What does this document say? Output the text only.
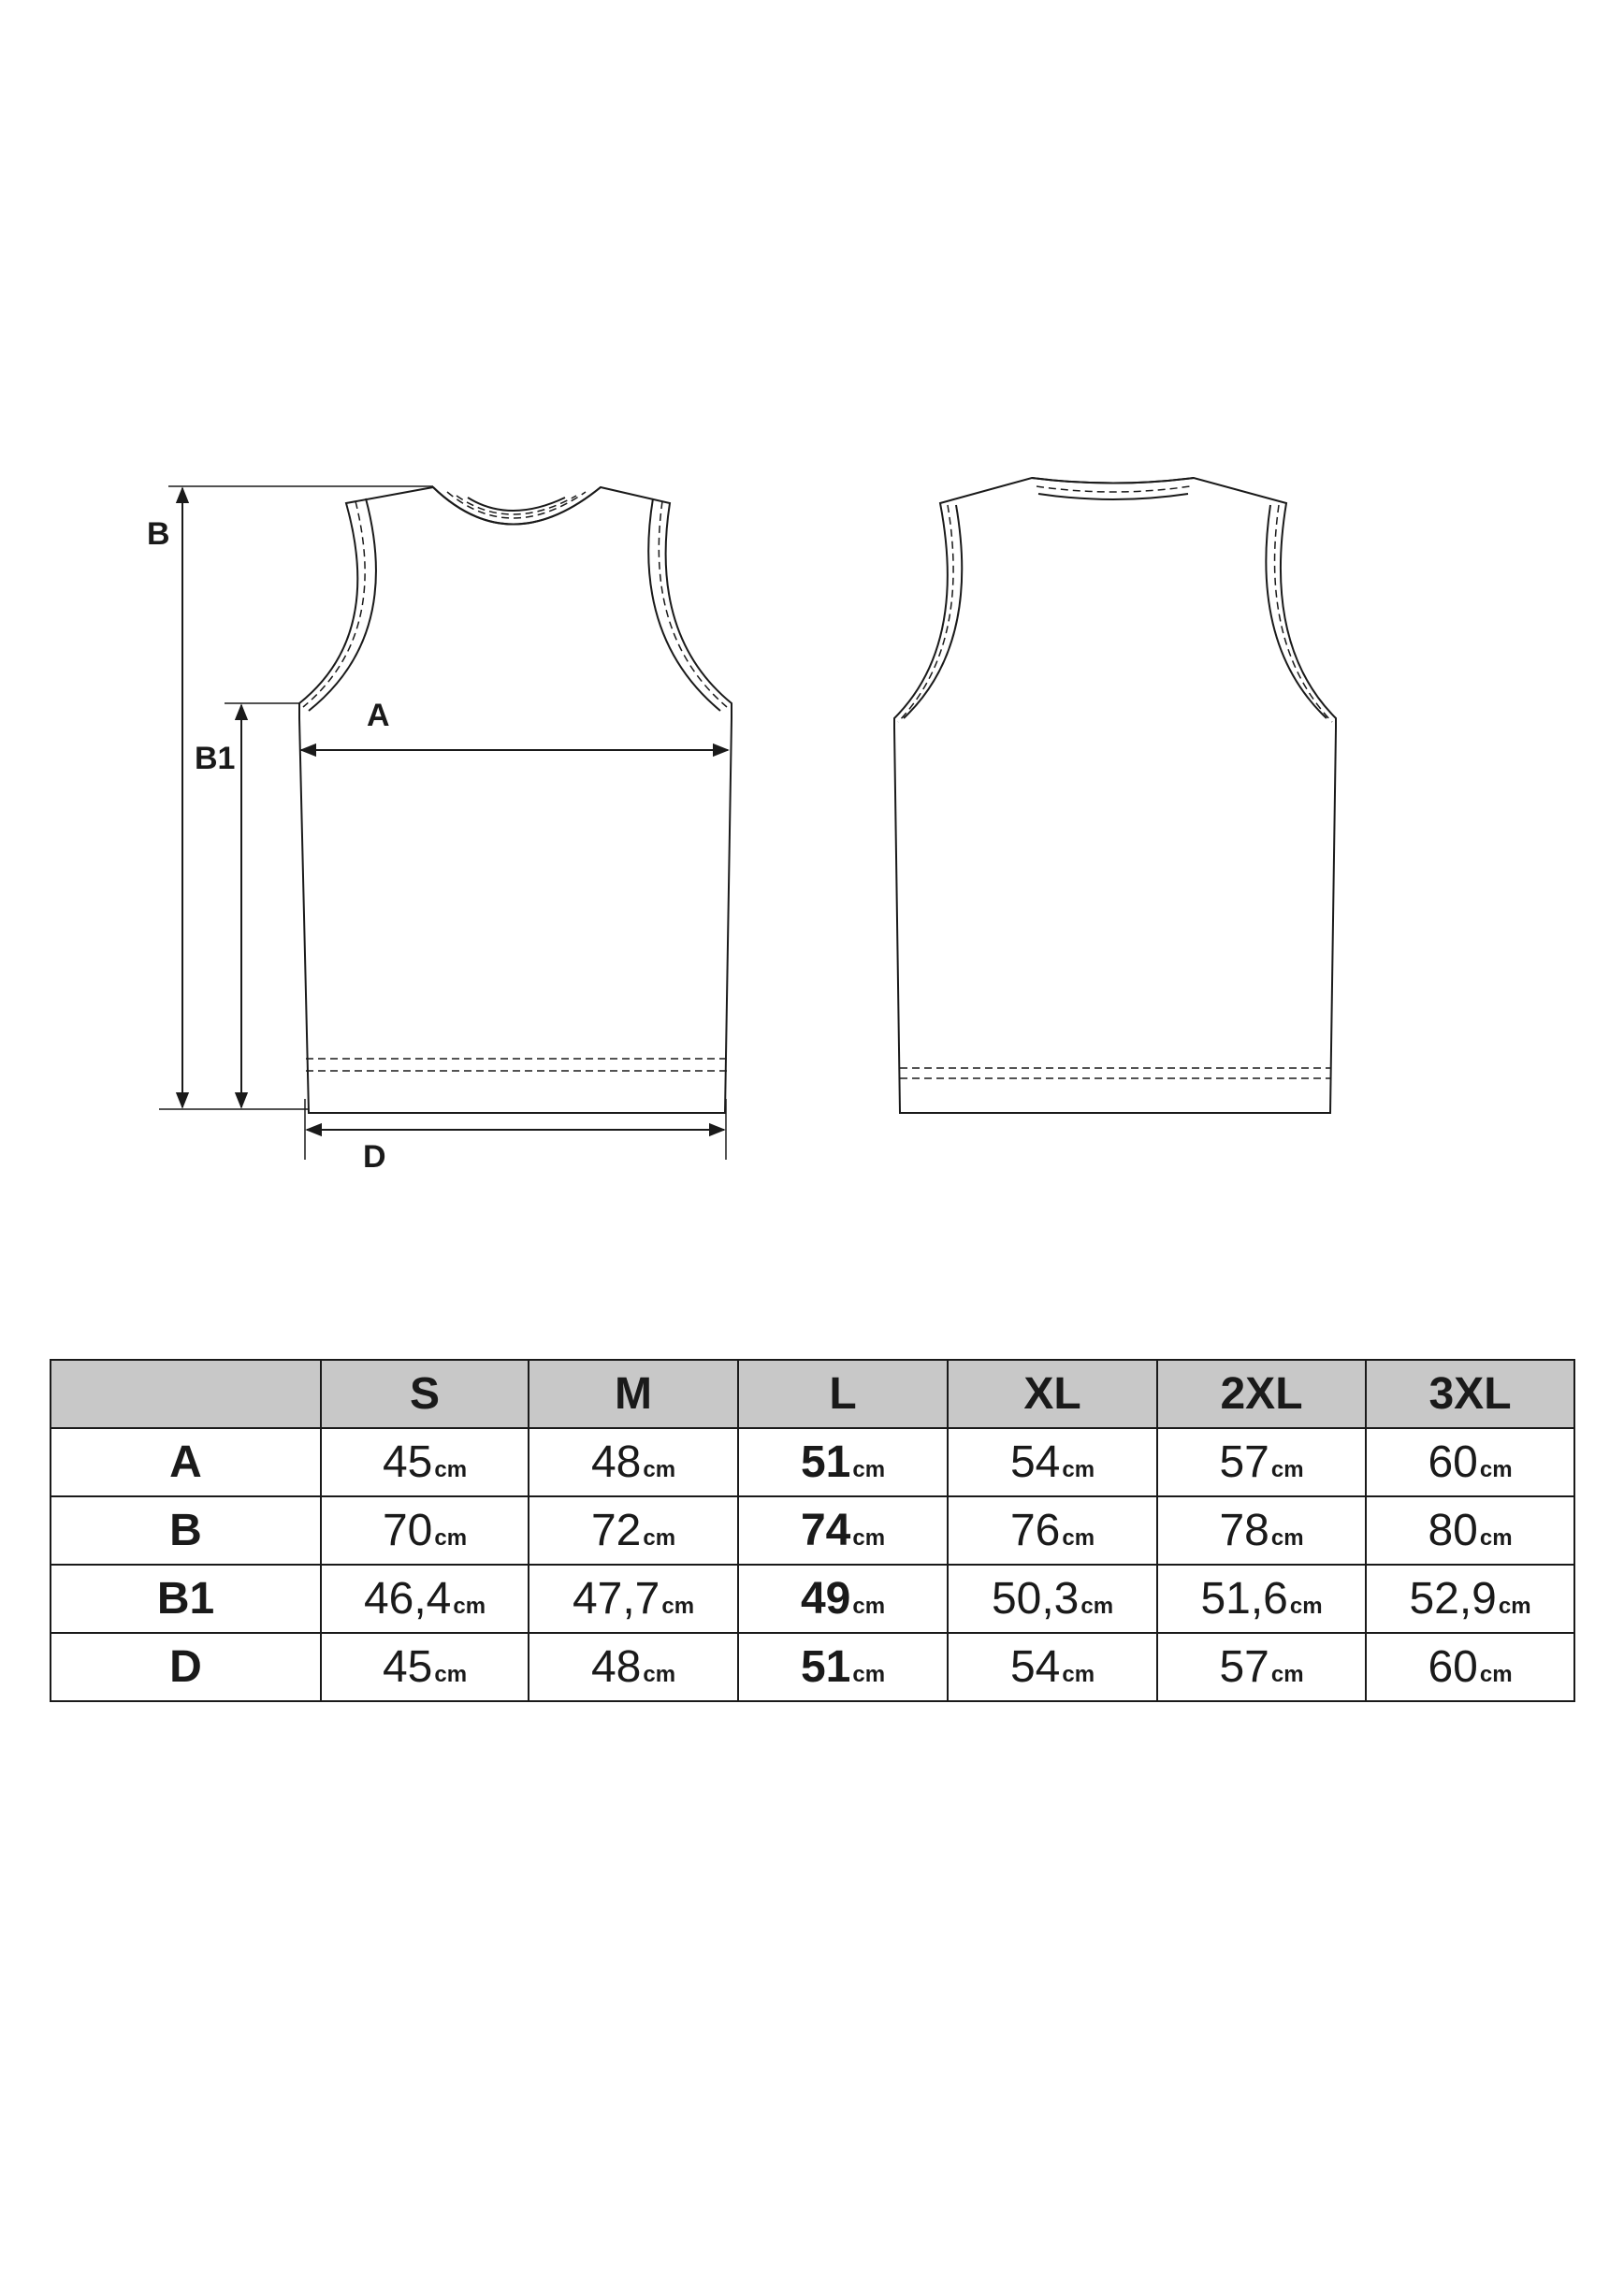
B
B1
A
D
	S	M	L	XL	2XL	3XL
A	45cm	48cm	51cm	54cm	57cm	60cm
B	70cm	72cm	74cm	76cm	78cm	80cm
B1	46,4cm	47,7cm	49cm	50,3cm	51,6cm	52,9cm
D	45cm	48cm	51cm	54cm	57cm	60cm
